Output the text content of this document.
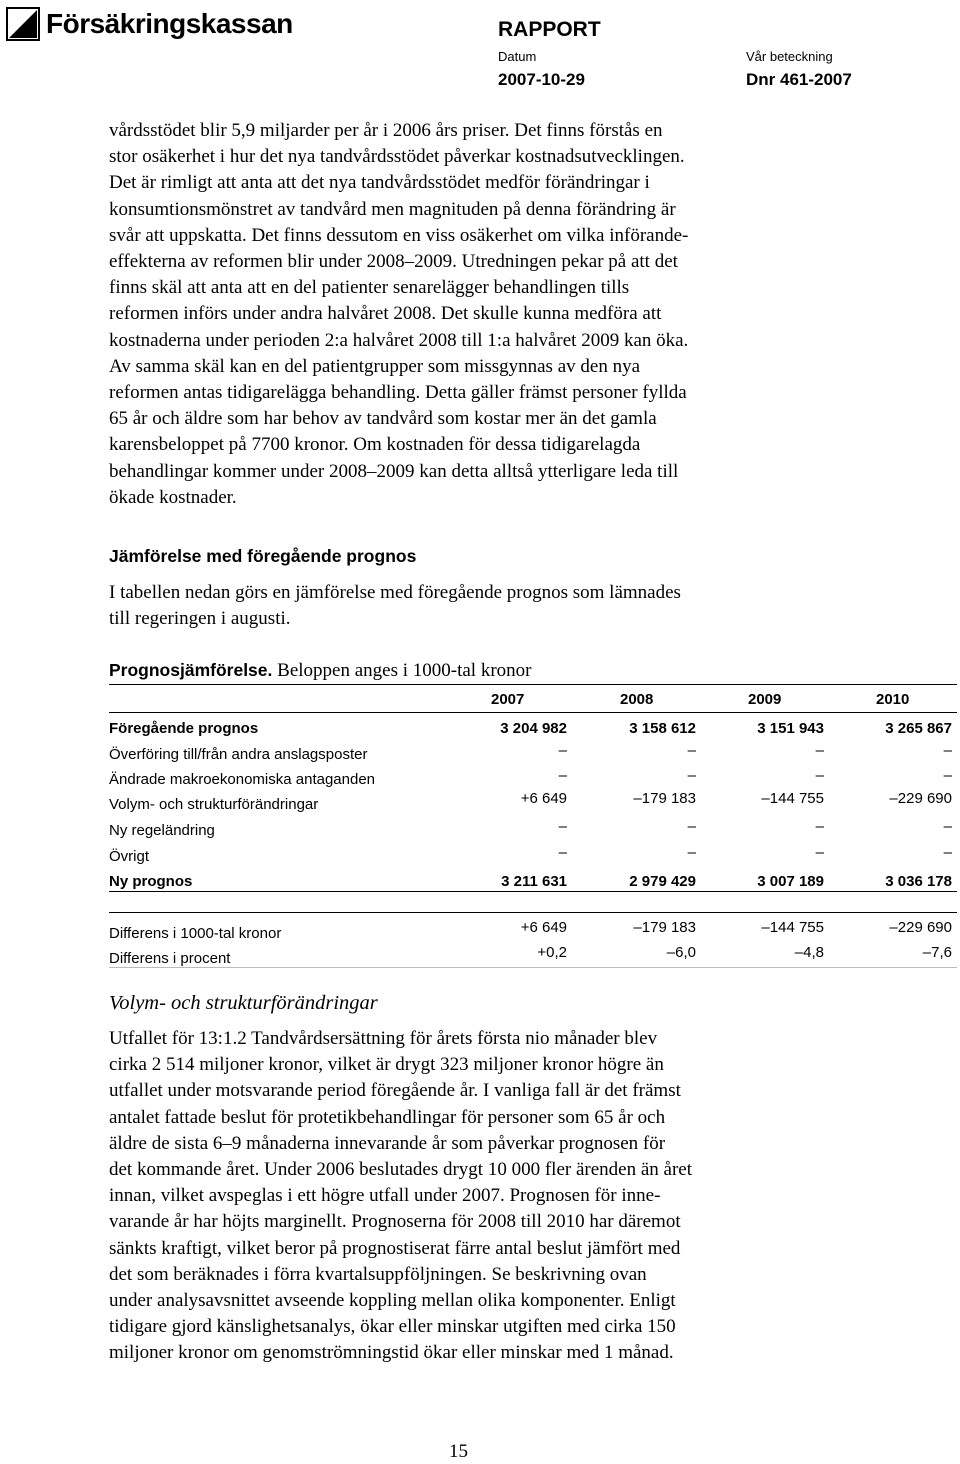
Försäkringskassan	RAPPORT
Datum	Vår beteckning
2007-10-29	Dnr 461-2007
vårdsstödet blir 5,9 miljarder per år i 2006 års priser. Det finns förstås en
stor osäkerhet i hur det nya tandvårdsstödet påverkar kostnadsutvecklingen.
Det är rimligt att anta att det nya tandvårdsstödet medför förändringar i
konsumtionsmönstret av tandvård men magnituden på denna förändring är
svår att uppskatta. Det finns dessutom en viss osäkerhet om vilka införande-
effekterna av reformen blir under 2008–2009. Utredningen pekar på att det
finns skäl att anta att en del patienter senarelägger behandlingen tills
reformen införs under andra halvåret 2008. Det skulle kunna medföra att
kostnaderna under perioden 2:a halvåret 2008 till 1:a halvåret 2009 kan öka.
Av samma skäl kan en del patientgrupper som missgynnas av den nya
reformen antas tidigarelägga behandling. Detta gäller främst personer fyllda
65 år och äldre som har behov av tandvård som kostar mer än det gamla
karensbeloppet på 7700 kronor. Om kostnaden för dessa tidigarelagda
behandlingar kommer under 2008–2009 kan detta alltså ytterligare leda till
ökade kostnader.
Jämförelse med föregående prognos
I tabellen nedan görs en jämförelse med föregående prognos som lämnades
till regeringen i augusti.
Prognosjämförelse. Beloppen anges i 1000-tal kronor
2007	2008	2009	2010
Föregående prognos	3 204 982	3 158 612	3 151 943	3 265 867
Överföring till/från andra anslagsposter	–	–	–	–
Ändrade makroekonomiska antaganden	–	–	–	–
Volym- och strukturförändringar	+6 649	–179 183	–144 755	–229 690
Ny regeländring	–	–	–	–
Övrigt	–	–	–	–
Ny prognos	3 211 631	2 979 429	3 007 189	3 036 178
Differens i 1000-tal kronor	+6 649	–179 183	–144 755	–229 690
Differens i procent	+0,2	–6,0	–4,8	–7,6
Volym- och strukturförändringar
Utfallet för 13:1.2 Tandvårdsersättning för årets första nio månader blev
cirka 2 514 miljoner kronor, vilket är drygt 323 miljoner kronor högre än
utfallet under motsvarande period föregående år. I vanliga fall är det främst
antalet fattade beslut för protetikbehandlingar för personer som 65 år och
äldre de sista 6–9 månaderna innevarande år som påverkar prognosen för
det kommande året. Under 2006 beslutades drygt 10 000 fler ärenden än året
innan, vilket avspeglas i ett högre utfall under 2007. Prognosen för inne-
varande år har höjts marginellt. Prognoserna för 2008 till 2010 har däremot
sänkts kraftigt, vilket beror på prognostiserat färre antal beslut jämfört med
det som beräknades i förra kvartalsuppföljningen. Se beskrivning ovan
under analysavsnittet avseende koppling mellan olika komponenter. Enligt
tidigare gjord känslighetsanalys, ökar eller minskar utgiften med cirka 150
miljoner kronor om genomströmningstid ökar eller minskar med 1 månad.
15
